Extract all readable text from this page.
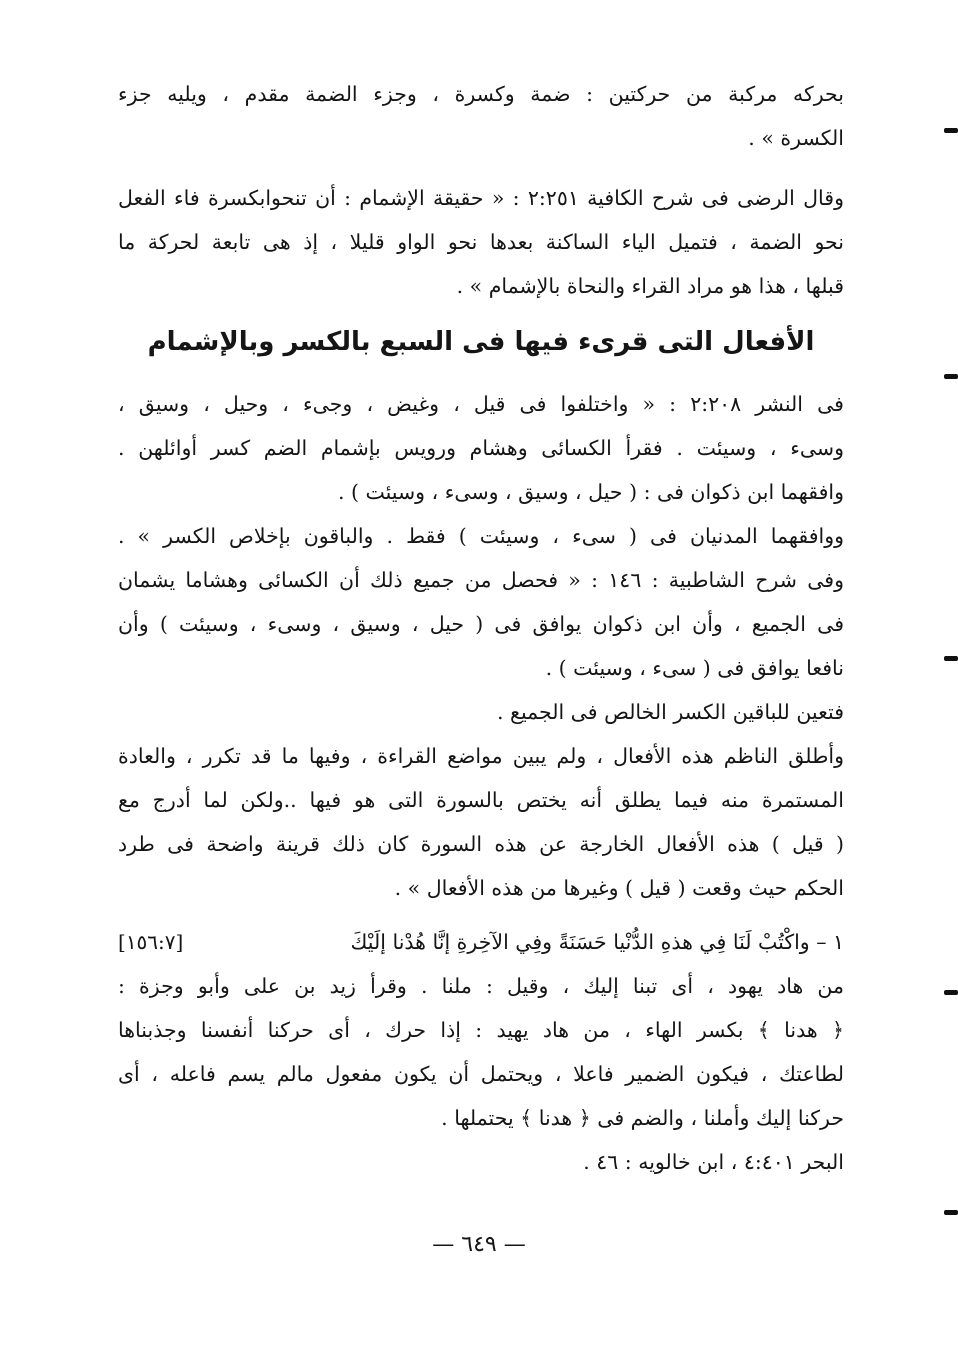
بحركه مركبة من حركتين : ضمة وكسرة ، وجزء الضمة مقدم ، ويليه جزء
الكسرة » .
وقال الرضى فى شرح الكافية ٢:٢٥١ : « حقيقة الإشمام : أن تنحوابكسرة فاء الفعل
نحو الضمة ، فتميل الياء الساكنة بعدها نحو الواو قليلا ، إذ هى تابعة لحركة ما
قبلها ، هذا هو مراد القراء والنحاة بالإشمام » .
الأفعال التى قرىء فيها فى السبع بالكسر وبالإشمام
فى النشر ٢:٢٠٨ : « واختلفوا فى قيل ، وغيض ، وجىء ، وحيل ، وسيق ،
وسىء ، وسيئت . فقرأ الكسائى وهشام ورويس بإشمام الضم كسر أوائلهن .
وافقهما ابن ذكوان فى : ( حيل ، وسيق ، وسىء ، وسيئت ) .
ووافقهما المدنيان فى ( سىء ، وسيئت ) فقط . والباقون بإخلاص الكسر » .
وفى شرح الشاطبية : ١٤٦ : « فحصل من جميع ذلك أن الكسائى وهشاما يشمان
فى الجميع ، وأن ابن ذكوان يوافق فى ( حيل ، وسيق ، وسىء ، وسيئت ) وأن
نافعا يوافق فى ( سىء ، وسيئت ) .
فتعين للباقين الكسر الخالص فى الجميع .
وأطلق الناظم هذه الأفعال ، ولم يبين مواضع القراءة ، وفيها ما قد تكرر ، والعادة
المستمرة منه فيما يطلق أنه يختص بالسورة التى هو فيها ..ولكن لما أدرج مع
( قيل ) هذه الأفعال الخارجة عن هذه السورة كان ذلك قرينة واضحة فى طرد
الحكم حيث وقعت ( قيل ) وغيرها من هذه الأفعال » .
١ – واكْتُبْ لَنَا فِي هذهِ الدُّنْيا حَسَنَةً وفِي الآخِرةِ إنَّا هُدْنا إلَيْكَ
[١٥٦:٧]
من هاد يهود ، أى تبنا إليك ، وقيل : ملنا . وقرأ زيد بن على وأبو وجزة :
﴿ هدنا ﴾ بكسر الهاء ، من هاد يهيد : إذا حرك ، أى حركنا أنفسنا وجذبناها
لطاعتك ، فيكون الضمير فاعلا ، ويحتمل أن يكون مفعول مالم يسم فاعله ، أى
حركنا إليك وأملنا ، والضم فى ﴿ هدنا ﴾ يحتملها .
البحر ٤:٤٠١ ، ابن خالويه : ٤٦ .
— ٦٤٩ —
